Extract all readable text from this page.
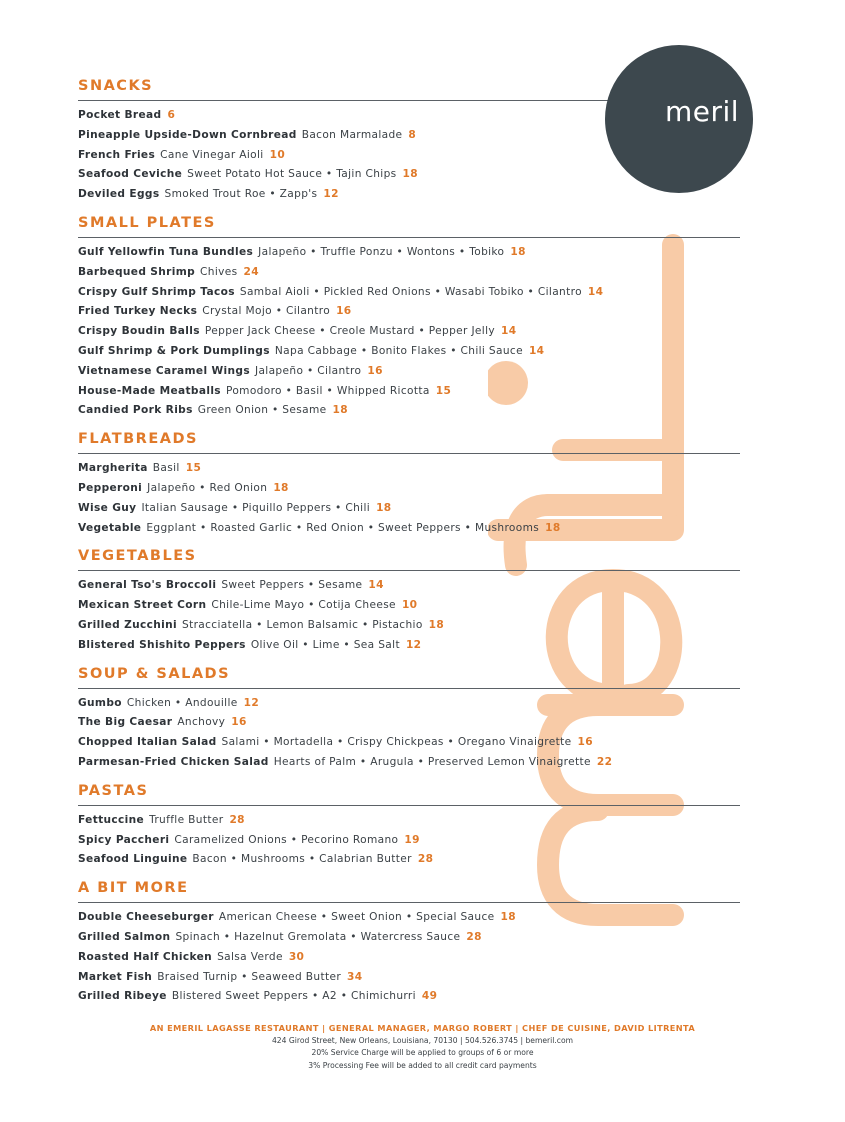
meril
SNACKS
Pocket Bread 6
Pineapple Upside-Down Cornbread Bacon Marmalade 8
French Fries Cane Vinegar Aioli 10
Seafood Ceviche Sweet Potato Hot Sauce • Tajin Chips 18
Deviled Eggs Smoked Trout Roe • Zapp's 12
SMALL PLATES
Gulf Yellowfin Tuna Bundles Jalapeño • Truffle Ponzu • Wontons • Tobiko 18
Barbequed Shrimp Chives 24
Crispy Gulf Shrimp Tacos Sambal Aioli • Pickled Red Onions • Wasabi Tobiko • Cilantro 14
Fried Turkey Necks Crystal Mojo • Cilantro 16
Crispy Boudin Balls Pepper Jack Cheese • Creole Mustard • Pepper Jelly 14
Gulf Shrimp & Pork Dumplings Napa Cabbage • Bonito Flakes • Chili Sauce 14
Vietnamese Caramel Wings Jalapeño • Cilantro 16
House-Made Meatballs Pomodoro • Basil • Whipped Ricotta 15
Candied Pork Ribs Green Onion • Sesame 18
FLATBREADS
Margherita Basil 15
Pepperoni Jalapeño • Red Onion 18
Wise Guy Italian Sausage • Piquillo Peppers • Chili 18
Vegetable Eggplant • Roasted Garlic • Red Onion • Sweet Peppers • Mushrooms 18
VEGETABLES
General Tso's Broccoli Sweet Peppers • Sesame 14
Mexican Street Corn Chile-Lime Mayo • Cotija Cheese 10
Grilled Zucchini Stracciatella • Lemon Balsamic • Pistachio 18
Blistered Shishito Peppers Olive Oil • Lime • Sea Salt 12
SOUP & SALADS
Gumbo Chicken • Andouille 12
The Big Caesar Anchovy 16
Chopped Italian Salad Salami • Mortadella • Crispy Chickpeas • Oregano Vinaigrette 16
Parmesan-Fried Chicken Salad Hearts of Palm • Arugula • Preserved Lemon Vinaigrette 22
PASTAS
Fettuccine Truffle Butter 28
Spicy Paccheri Caramelized Onions • Pecorino Romano 19
Seafood Linguine Bacon • Mushrooms • Calabrian Butter 28
A BIT MORE
Double Cheeseburger American Cheese • Sweet Onion • Special Sauce 18
Grilled Salmon Spinach • Hazelnut Gremolata • Watercress Sauce 28
Roasted Half Chicken Salsa Verde 30
Market Fish Braised Turnip • Seaweed Butter 34
Grilled Ribeye Blistered Sweet Peppers • A2 • Chimichurri 49
AN EMERIL LAGASSE RESTAURANT | GENERAL MANAGER, MARGO ROBERT | CHEF DE CUISINE, DAVID LITRENTA
424 Girod Street, New Orleans, Louisiana, 70130 | 504.526.3745 | bemeril.com
20% Service Charge will be applied to groups of 6 or more
3% Processing Fee will be added to all credit card payments
